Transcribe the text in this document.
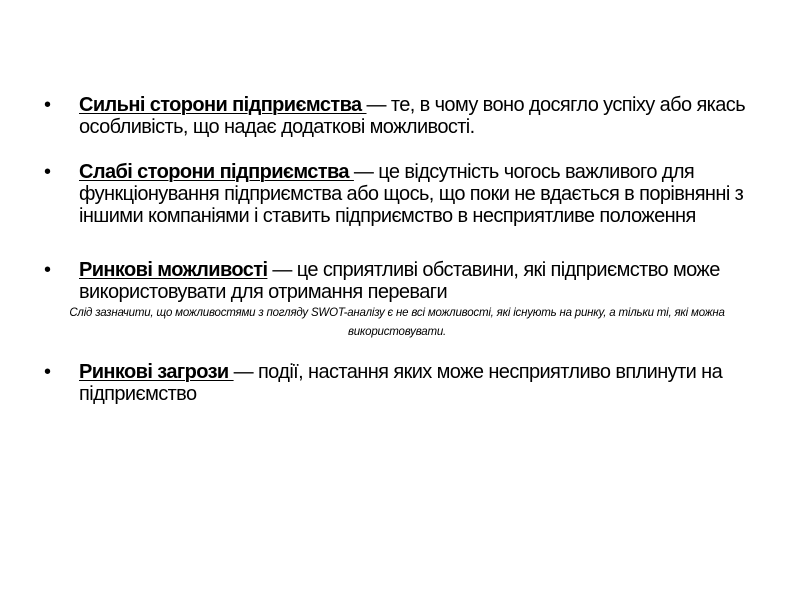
• Сильні сторони підприємства — те, в чому воно досягло успіху або якась особливість, що надає додаткові можливості.
• Слабі сторони підприємства — це відсутність чогось важливого для функціонування підприємства або щось, що поки не вдається в порівнянні з іншими компаніями і ставить підприємство в несприятливе положення
• Ринкові можливості — це сприятливі обставини, які підприємство може використовувати для отримання переваги
Слід зазначити, що можливостями з погляду SWOT-аналізу є не всі можливості, які існують на ринку, а тільки ті, які можна використовувати.
• Ринкові загрози — події, настання яких може несприятливо вплинути на підприємство
